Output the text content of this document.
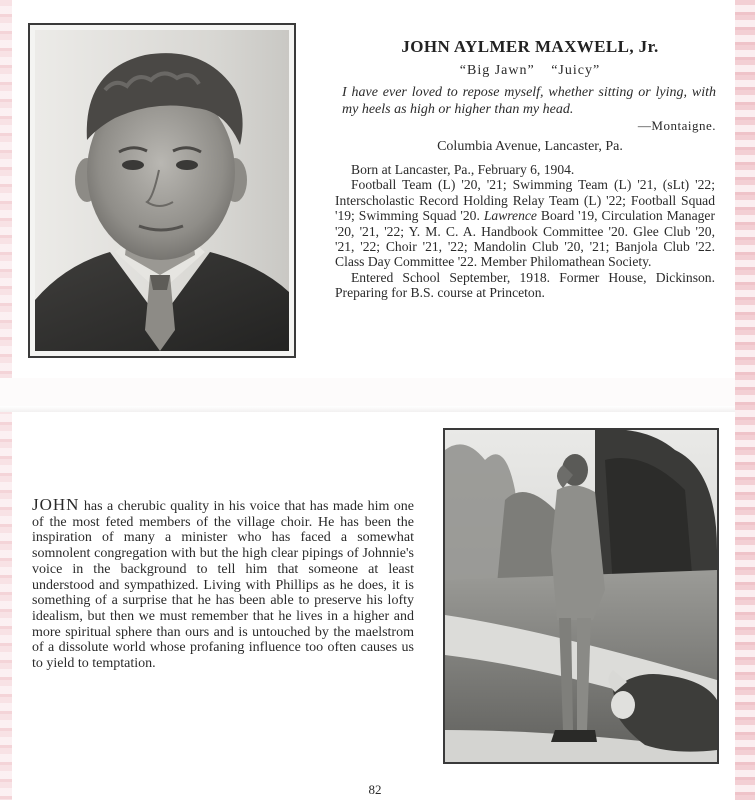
JOHN AYLMER MAXWELL, Jr.
“Big Jawn” “Juicy”
I have ever loved to repose myself, whether sitting or lying, with my heels as high or higher than my head.
—Montaigne.
Columbia Avenue, Lancaster, Pa.

Born at Lancaster, Pa., February 6, 1904.

Football Team (L) '20, '21; Swimming Team (L) '21, (sLt) '22; Interscholastic Record Holding Relay Team (L) '22; Football Squad '19; Swimming Squad '20. Lawrence Board '19, Circulation Manager '20, '21, '22; Y. M. C. A. Handbook Committee '20. Glee Club '20, '21, '22; Choir '21, '22; Mandolin Club '20, '21; Banjola Club '22. Class Day Committee '22. Member Philomathean Society.

Entered School September, 1918. Former House, Dickinson. Preparing for B.S. course at Princeton.

JOHN has a cherubic quality in his voice that has made him one of the most feted members of the village choir. He has been the inspiration of many a minister who has faced a somewhat somnolent congregation with but the high clear pipings of Johnnie's voice in the background to tell him that someone at least understood and sympathized. Living with Phillips as he does, it is something of a surprise that he has been able to preserve his lofty idealism, but then we must remember that he lives in a higher and more spiritual sphere than ours and is untouched by the maelstrom of a dissolute world whose profaning influence too often causes us to yield to temptation.
82
